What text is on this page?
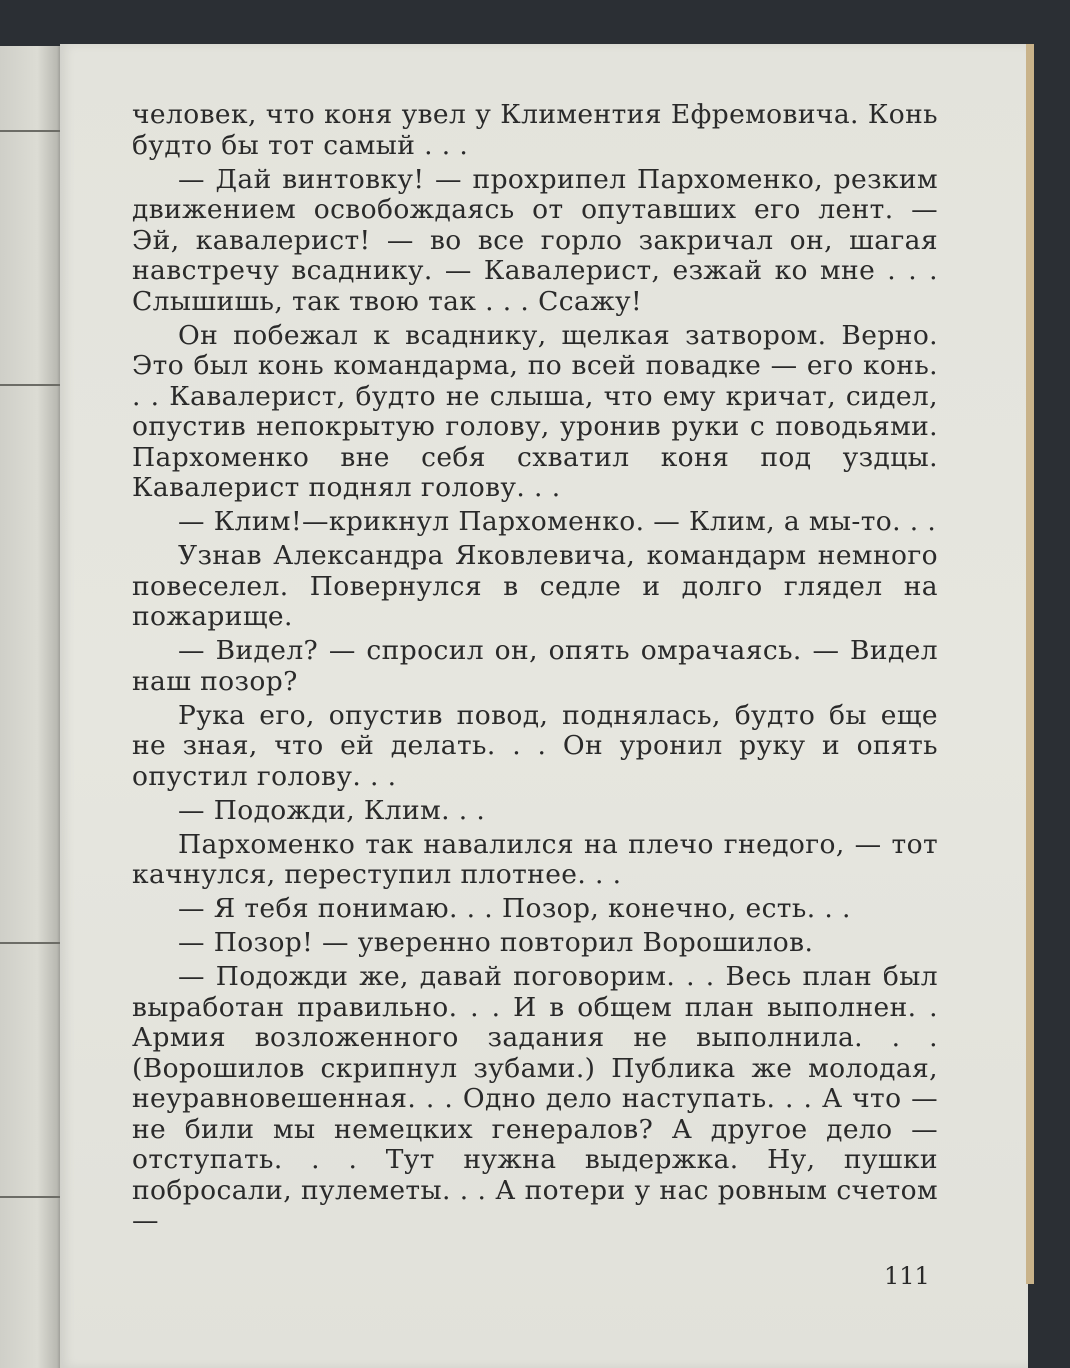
человек, что коня увел у Климентия Ефремовича. Конь будто бы тот самый . . .

— Дай винтовку! — прохрипел Пархоменко, резким движением освобождаясь от опутавших его лент. — Эй, кавалерист! — во все горло закричал он, шагая навстречу всаднику. — Кавалерист, езжай ко мне . . . Слышишь, так твою так . . . Ссажу!

Он побежал к всаднику, щелкая затвором. Верно. Это был конь командарма, по всей повадке — его конь. . . Кавалерист, будто не слыша, что ему кричат, сидел, опустив непокрытую голову, уронив руки с поводьями. Пархоменко вне себя схватил коня под уздцы. Кавалерист поднял голову. . .

— Клим!—крикнул Пархоменко. — Клим, а мы-то. . .

Узнав Александра Яковлевича, командарм немного повеселел. Повернулся в седле и долго глядел на пожарище.

— Видел? — спросил он, опять омрачаясь. — Видел наш позор?

Рука его, опустив повод, поднялась, будто бы еще не зная, что ей делать. . . Он уронил руку и опять опустил голову. . .

— Подожди, Клим. . .

Пархоменко так навалился на плечо гнедого, — тот качнулся, переступил плотнее. . .

— Я тебя понимаю. . . Позор, конечно, есть. . .

— Позор! — уверенно повторил Ворошилов.

— Подожди же, давай поговорим. . . Весь план был выработан правильно. . . И в общем план выполнен. . Армия возложенного задания не выполнила. . . (Ворошилов скрипнул зубами.) Публика же молодая, неуравновешенная. . . Одно дело наступать. . . А что — не били мы немецких генералов? А другое дело — отступать. . . Тут нужна выдержка. Ну, пушки побросали, пулеметы. . . А потери у нас ровным счетом —

111
